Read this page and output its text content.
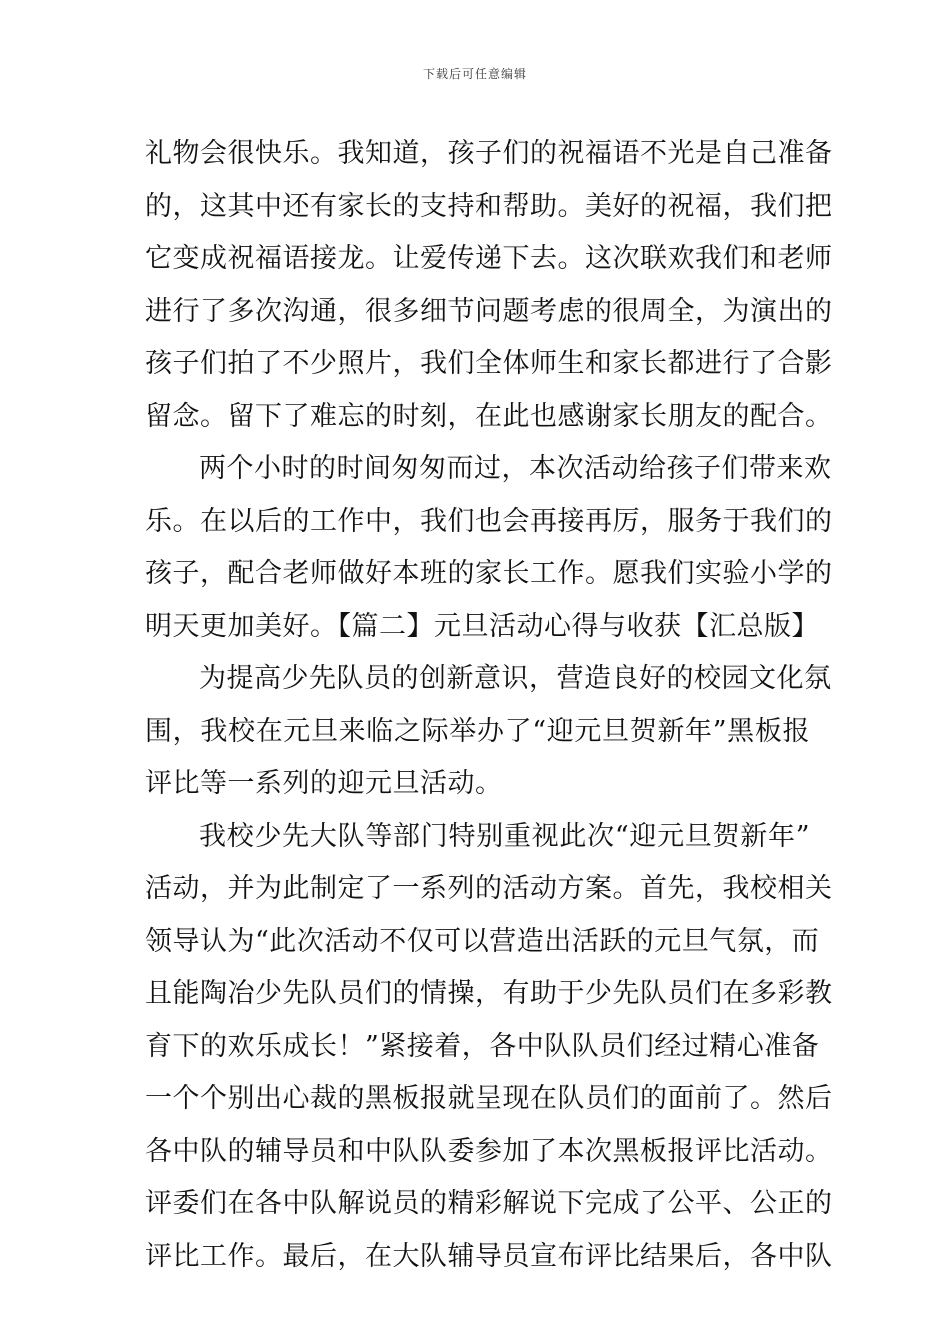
下载后可任意编辑
礼物会很快乐。我知道，孩子们的祝福语不光是自己准备
的，这其中还有家长的支持和帮助。美好的祝福，我们把
它变成祝福语接龙。让爱传递下去。这次联欢我们和老师
进行了多次沟通，很多细节问题考虑的很周全，为演出的
孩子们拍了不少照片，我们全体师生和家长都进行了合影
留念。留下了难忘的时刻，在此也感谢家长朋友的配合。
两个小时的时间匆匆而过，本次活动给孩子们带来欢
乐。在以后的工作中，我们也会再接再厉，服务于我们的
孩子，配合老师做好本班的家长工作。愿我们实验小学的
明天更加美好。【篇二】元旦活动心得与收获【汇总版】
为提高少先队员的创新意识，营造良好的校园文化氛
围，我校在元旦来临之际举办了“迎元旦贺新年”黑板报
评比等一系列的迎元旦活动。
我校少先大队等部门特别重视此次“迎元旦贺新年”
活动，并为此制定了一系列的活动方案。首先，我校相关
领导认为“此次活动不仅可以营造出活跃的元旦气氛，而
且能陶冶少先队员们的情操，有助于少先队员们在多彩教
育下的欢乐成长！”紧接着，各中队队员们经过精心准备
一个个别出心裁的黑板报就呈现在队员们的面前了。然后
各中队的辅导员和中队队委参加了本次黑板报评比活动。
评委们在各中队解说员的精彩解说下完成了公平、公正的
评比工作。最后，在大队辅导员宣布评比结果后，各中队
